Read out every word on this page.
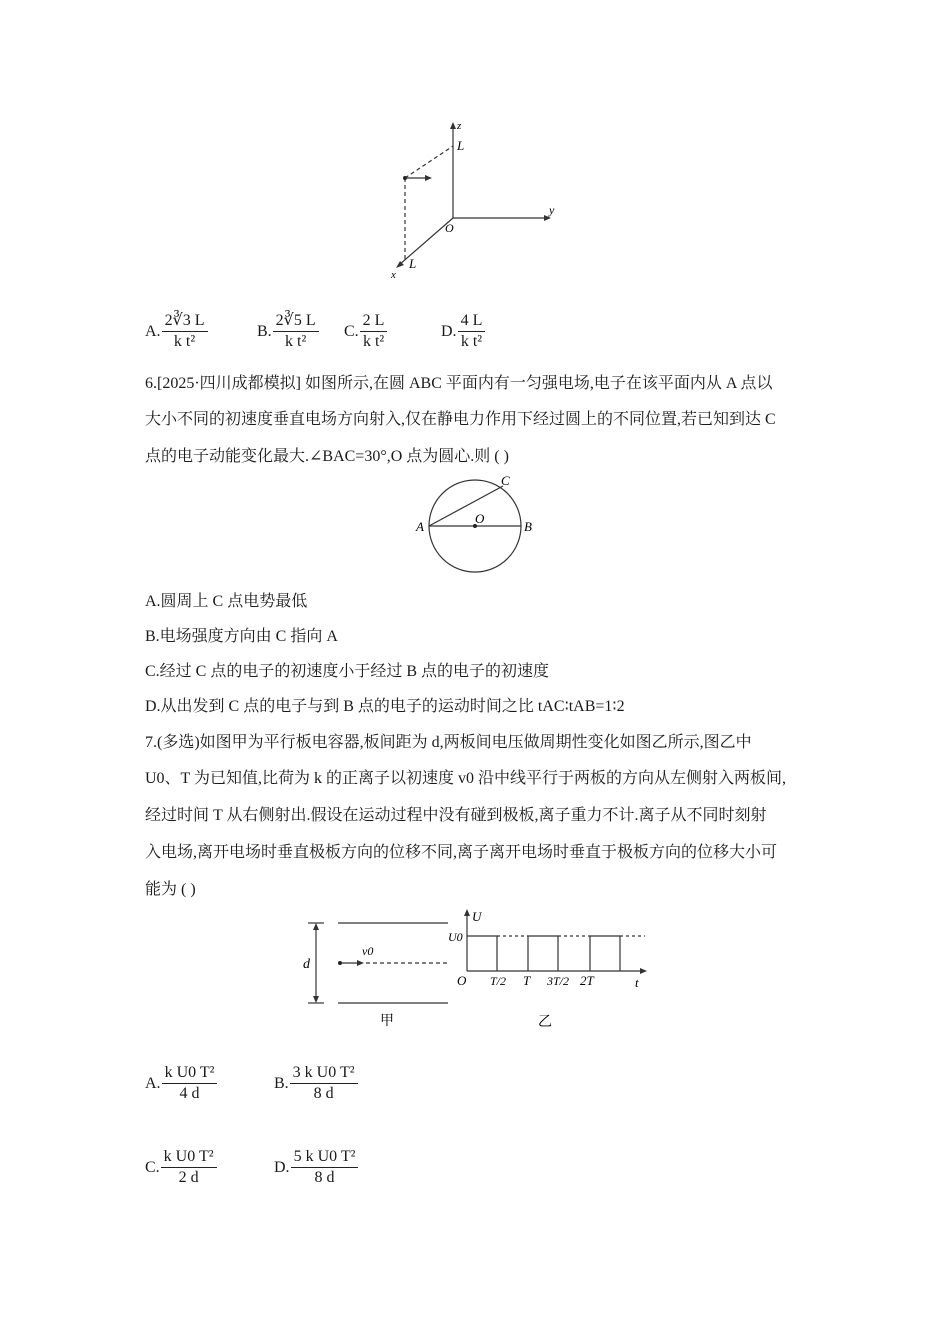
z
y
x
O
L
L
A. $\frac{2∛3 L}{\text{k t²}}$	B. $\frac{2∛5 L}{\text{k t²}} C$. $\frac{2 L}{\text{k t²}}$	D. $\frac{4 L}{\text{k t²}}$
6.[2025·四川成都模拟] 如图所示,在圆 ABC 平面内有一匀强电场,电子在该平面内从 A 点以
大小不同的初速度垂直电场方向射入,仅在静电力作用下经过圆上的不同位置,若已知到达 C
点的电子动能变化最大.∠BAC=30°,O 点为圆心.则 ( )
A	B
C
O
A.圆周上 C 点电势最低
B.电场强度方向由 C 指向 A
C.经过 C 点的电子的初速度小于经过 B 点的电子的初速度
D.从出发到 C 点的电子与到 B 点的电子的运动时间之比 tAC∶tAB=1∶2
7.(多选)如图甲为平行板电容器,板间距为 d,两板间电压做周期性变化如图乙所示,图乙中
U0、T 为已知值,比荷为 k 的正离子以初速度 v0 沿中线平行于两板的方向从左侧射入两板间,
经过时间 T 从右侧射出.假设在运动过程中没有碰到极板,离子重力不计.离子从不同时刻射
入电场,离开电场时垂直极板方向的位移不同,离子离开电场时垂直于极板方向的位移大小可
能为 ( )
d
v0
甲
U
U0
O T/2 T 3T/2 2T	t
乙
A. $\frac{\text{k U0 T²}}{4 d}$	B. $\frac{\text{3 k U0 T²}}{8 d}$
C. $\frac{\text{k U0 T²}}{2 d}$	D. $\frac{\text{5 k U0 T²}}{8 d}$
